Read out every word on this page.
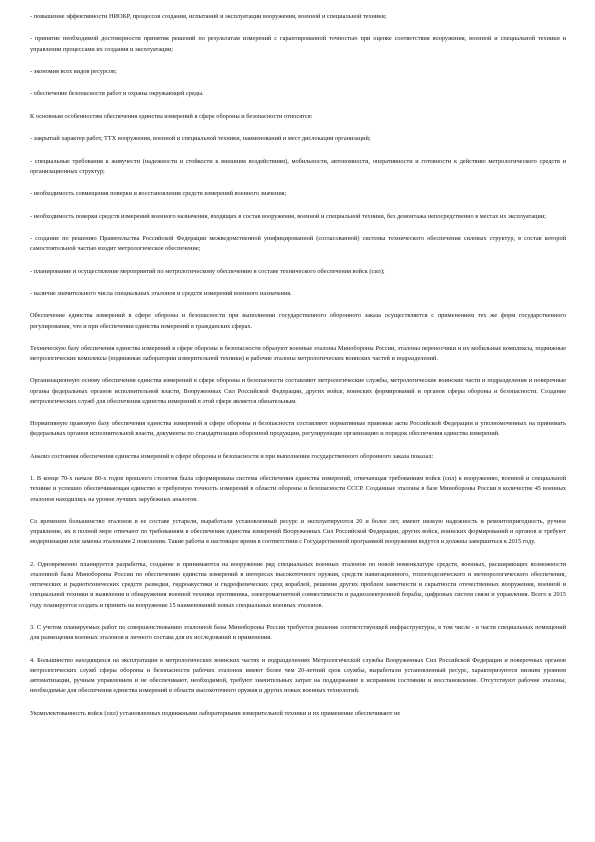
- повышение эффективности НИОКР, процессов создания, испытаний и эксплуатации вооружения, военной и специальной техники;

- принятие необходимой достоверности принятия решений по результатам измерений с гарантированной точностью при оценке соответствия вооружения, военной и специальной техники и управлении процессами их создания и эксплуатации;

- экономия всех видов ресурсов;

- обеспечение безопасности работ и охраны окружающей среды.

К основным особенностям обеспечения единства измерений в сфере обороны и безопасности относятся:

- закрытый характер работ, ТТХ вооружения, военной и специальной техники, наименований и мест дислокации организаций;

- специальные требования к живучести (надежности и стойкости к внешним воздействиям), мобильности, автономности, оперативности и готовности к действию метрологического средств и организационных структур;

- необходимость совмещения поверки и восстановления средств измерений военного значения;

- необходимость поверки средств измерений военного назначения, входящих в состав вооружения, военной и специальной техники, без демонтажа непосредственно в местах их эксплуатации;

- создание по решению Правительства Российской Федерации межведомственной унифицированной (согласованной) системы технического обеспечения силовых структур, в состав которой самостоятельной частью входит метрологическое обеспечение;

- планирование и осуществление мероприятий по метрологическому обеспечению в составе технического обеспечения войск (сил);

- наличие значительного числа специальных эталонов и средств измерений военного назначения.

Обеспечение единства измерений в сфере обороны и безопасности при выполнении государственного оборонного заказа осуществляется с применением тех же форм государственного регулирования, что и при обеспечении единства измерений в гражданских сферах.

Техническую базу обеспечения единства измерений в сфере обороны и безопасности образуют военные эталоны Минобороны России, эталоны переносчики и их мобильные комплексы, подвижные метрологические комплексы (подвижные лаборатории измерительной техники) и рабочие эталоны метрологических воинских частей и подразделений.

Организационную основу обеспечения единства измерений в сфере обороны и безопасности составляют метрологические службы, метрологические воинские части и подразделения и поверочные органы федеральных органов исполнительной власти, Вооруженных Сил Российской Федерации, других войск, воинских формирований и органов сферы обороны и безопасности. Создание метрологических служб для обеспечения единства измерений в этой сфере является обязательным.

Нормативную правовую базу обеспечения единства измерений в сфере обороны и безопасности составляют нормативные правовые акты Российской Федерации и уполномоченных на принимать федеральных органов исполнительной власти, документы по стандартизации оборонной продукции, регулирующие организацию и порядок обеспечения единства измерений.

Анализ состояния обеспечения единства измерений в сфере обороны и безопасности и при выполнении государственного оборонного заказа показал:

1. В конце 70-х начале 80-х годов прошлого столетия была сформирована система обеспечения единства измерений, отвечающая требованиям войск (сил) к вооружению, военной и специальной технике и успешно обеспечивающая единство и требуемую точность измерений в области обороны и безопасности СССР. Созданные эталоны в базе Минобороны России в количестве 45 военных эталонов находились на уровне лучших зарубежных аналогов.

Со временем большинство эталонов в ее составе устарели, выработали установленный ресурс и эксплуатируются 20 и более лет, имеют низкую надежность и ремонтопригодность, ручное управление, их в полной мере отвечают по требованиям в обеспечении единства измерений Вооруженных Сил Российской Федерации, других войск, воинских формирований и органов и требуют модернизации или замены эталонами 2 поколения. Такие работы в настоящее время в соответствии с Государственной программой вооружения ведутся и должны завершиться к 2015 году.

2. Одновременно планируется разработка, создание и принимаются на вооружение ряд специальных военных эталонов по новой номенклатуре средств, военных, расширяющих возможности эталонной базы Минобороны России по обеспечению единства измерений в интересах высокоточного оружия, средств навигационного, топогеодезического и метеорологического обеспечения, оптических и радиотехнических средств разведки, гидроакустики и гидрофизических сред кораблей, решения других проблем заметности и скрытности отечественных вооружения, военной и специальной техники и выявления и обнаружения военной техники противника, электромагнитной совместимости и радиоэлектронной борьбы, цифровых систем связи и управления. Всего к 2015 году планируется создать и принять на вооружение 15 наименований новых специальных военных эталонов.

3. С учетом планируемых работ по совершенствованию эталонной базы Минобороны России требуется решение соответствующей инфраструктуры, в том числе - в части специальных помещений для размещения военных эталонов и личного состава для их исследований и применения.

4. Большинство находящихся на эксплуатации в метрологических воинских частях и подразделениях Метрологической службы Вооруженных Сил Российской Федерации и поверочных органов метрологических служб сферы обороны и безопасности рабочих эталонов имеют более чем 20-летний срок службы, выработали установленный ресурс, характеризуются низким уровнем автоматизации, ручным управлением и не обеспечивают, необходимой, требуют значительных затрат на поддержание в исправном состоянии и восстановление. Отсутствуют рабочие эталоны, необходимые для обеспечения единства измерений в области высокоточного оружия и других новых военных технологий.

Укомплектованность войск (сил) установленных подвижными лабораторными измерительной техники и их применение обеспечивают не
